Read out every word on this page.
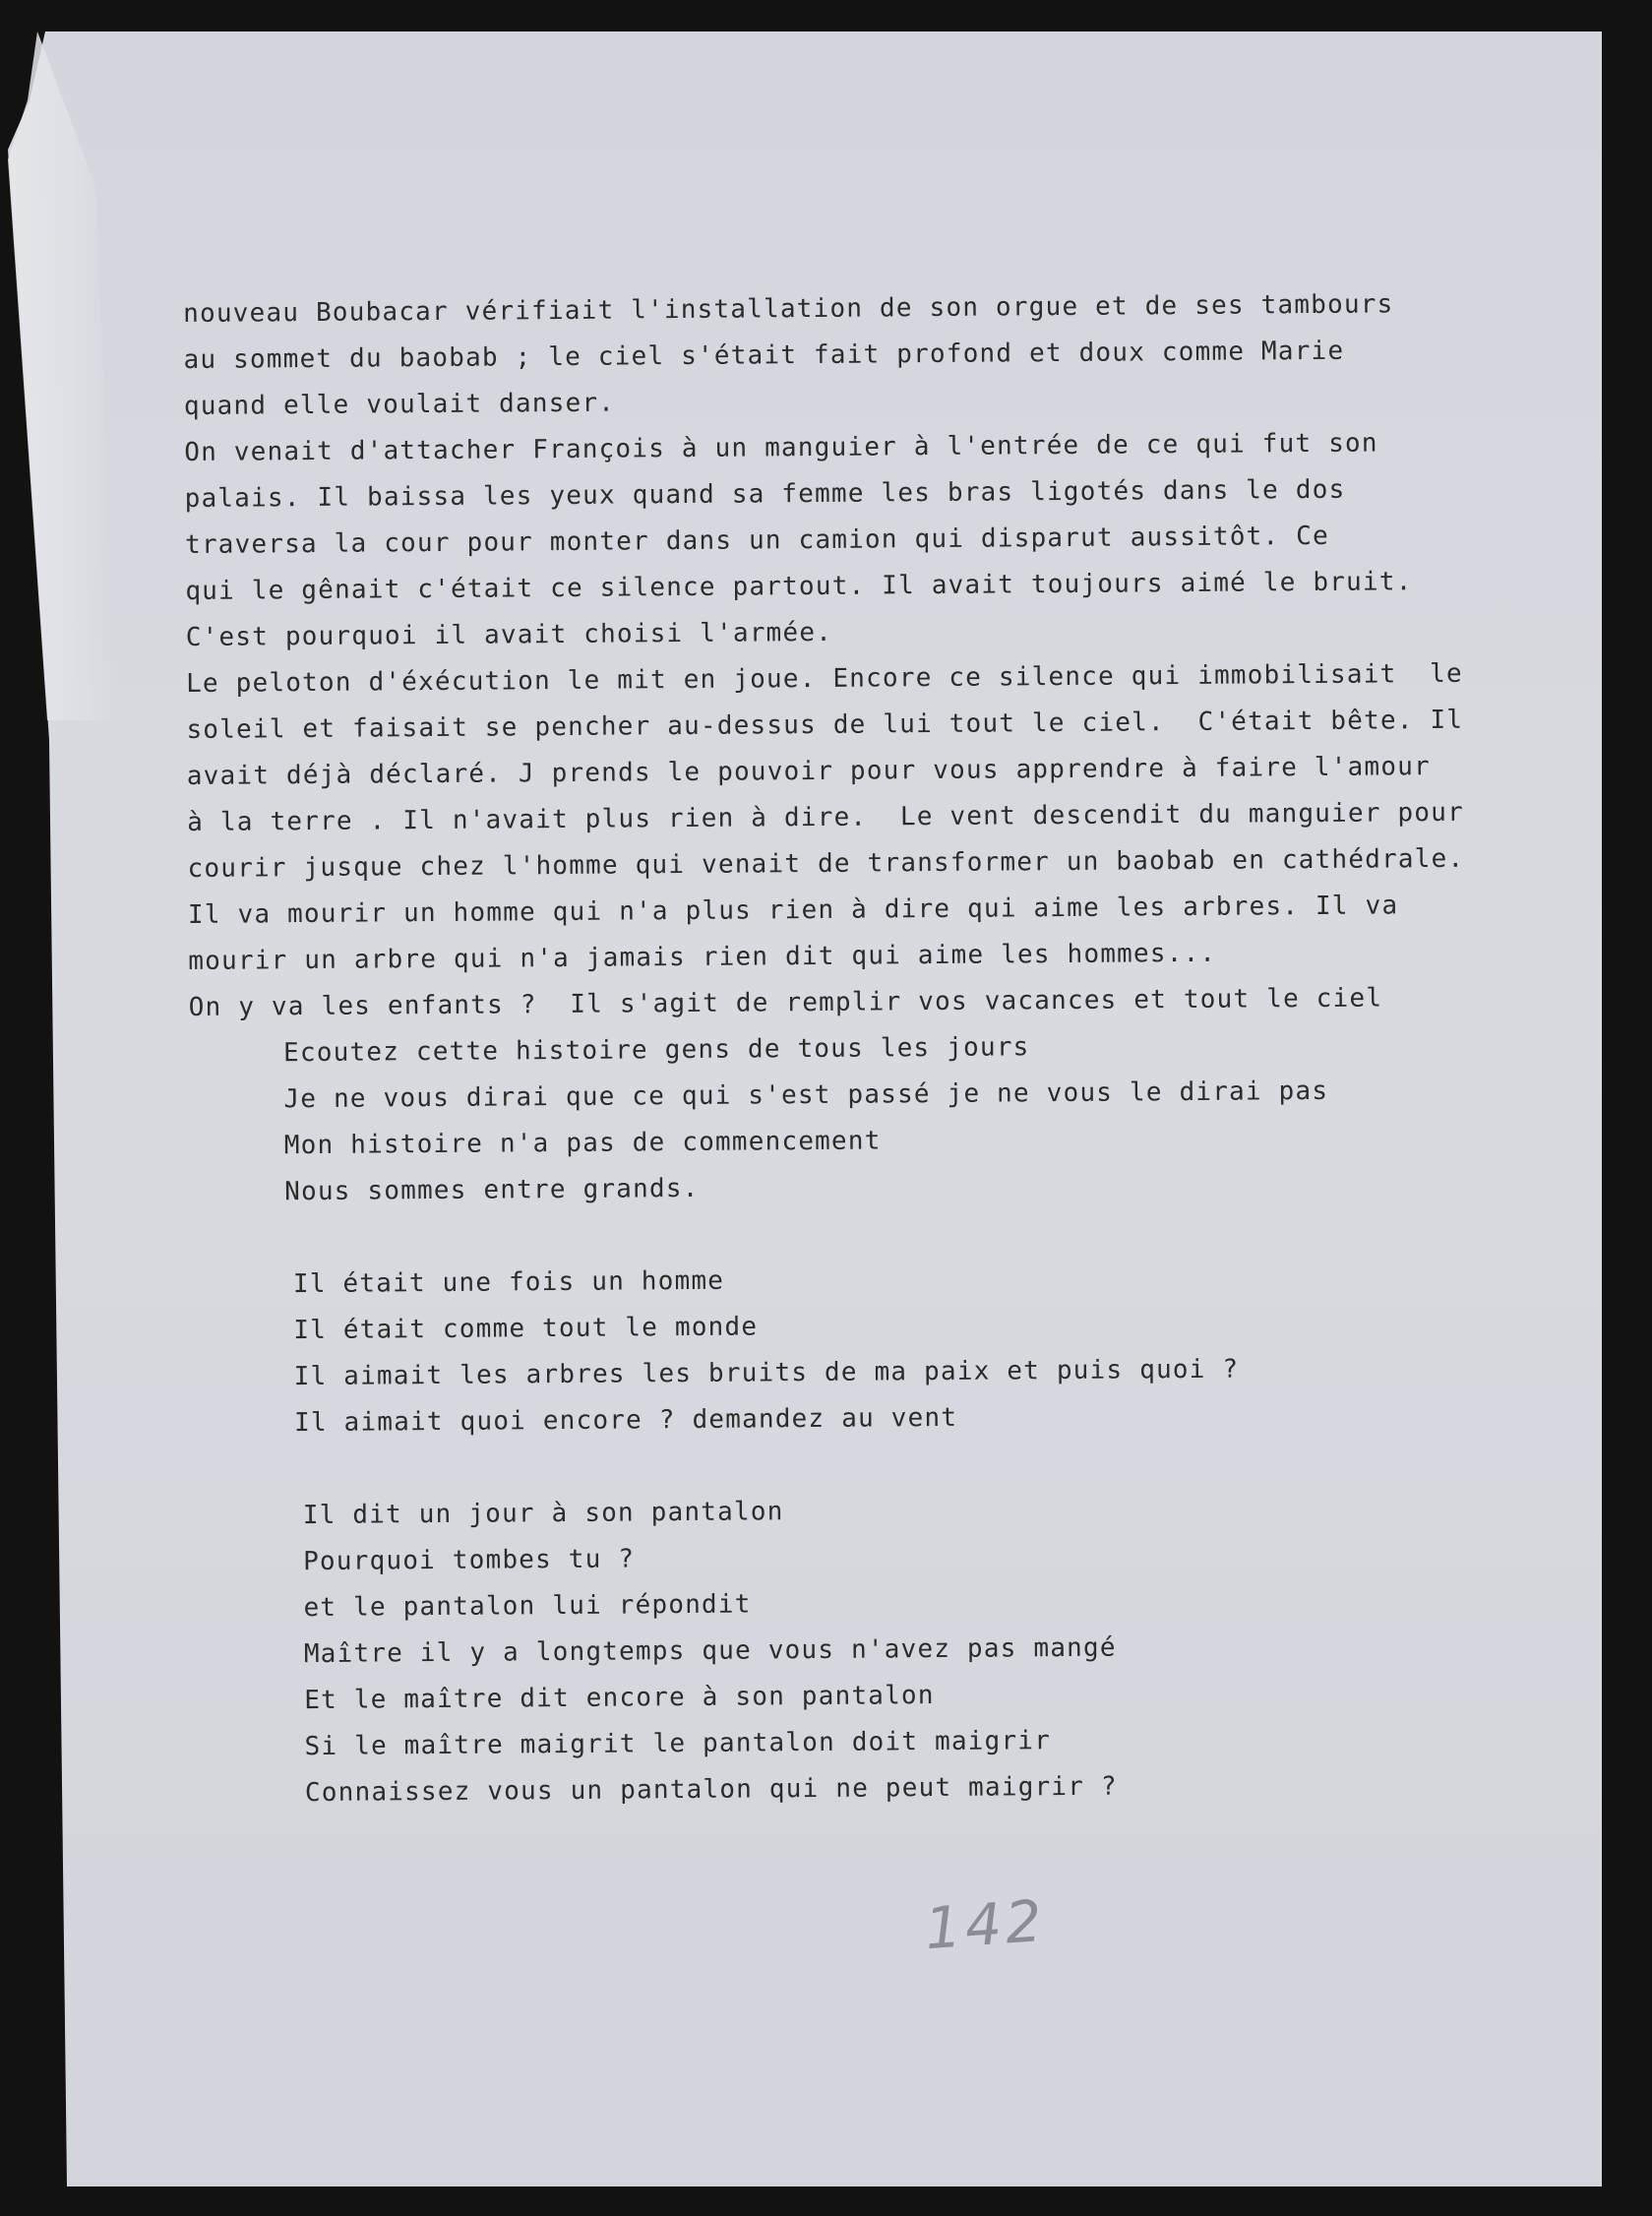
nouveau Boubacar vérifiait l'installation de son orgue et de ses tambours
au sommet du baobab ; le ciel s'était fait profond et doux comme Marie
quand elle voulait danser.
On venait d'attacher François à un manguier à l'entrée de ce qui fut son
palais. Il baissa les yeux quand sa femme les bras ligotés dans le dos
traversa la cour pour monter dans un camion qui disparut aussitôt. Ce
qui le gênait c'était ce silence partout. Il avait toujours aimé le bruit.
C'est pourquoi il avait choisi l'armée.
Le peloton d'éxécution le mit en joue. Encore ce silence qui immobilisait  le
soleil et faisait se pencher au-dessus de lui tout le ciel.  C'était bête. Il
avait déjà déclaré. J prends le pouvoir pour vous apprendre à faire l'amour
à la terre . Il n'avait plus rien à dire.  Le vent descendit du manguier pour
courir jusque chez l'homme qui venait de transformer un baobab en cathédrale.
Il va mourir un homme qui n'a plus rien à dire qui aime les arbres. Il va
mourir un arbre qui n'a jamais rien dit qui aime les hommes...
On y va les enfants ?  Il s'agit de remplir vos vacances et tout le ciel
Ecoutez cette histoire gens de tous les jours
Je ne vous dirai que ce qui s'est passé je ne vous le dirai pas
Mon histoire n'a pas de commencement
Nous sommes entre grands.
Il était une fois un homme
Il était comme tout le monde
Il aimait les arbres les bruits de ma paix et puis quoi ?
Il aimait quoi encore ? demandez au vent
Il dit un jour à son pantalon
Pourquoi tombes tu ?
et le pantalon lui répondit
Maître il y a longtemps que vous n'avez pas mangé
Et le maître dit encore à son pantalon
Si le maître maigrit le pantalon doit maigrir
Connaissez vous un pantalon qui ne peut maigrir ?
142
